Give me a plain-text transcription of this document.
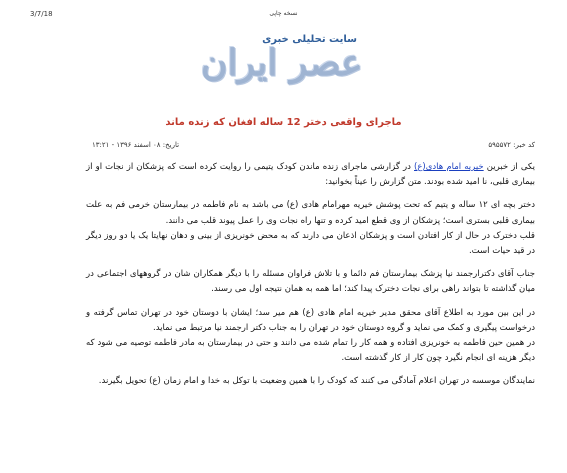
3/7/18	نسخه چاپی
سایت تحلیلی خبری
عصر ایران
ماجرای واقعی دختر 12 ساله افغان که زنده ماند
تاریخ: ۰۸ اسفند ۱۳۹۶ - ۱۳:۲۱	کد خبر: ۵۹۵۵۷۲

یکی از خبرین خیریه امام هادی(ع) در گزارشی ماجرای زنده ماندن کودک یتیمی را روایت کرده است که پزشکان از نجات او از بیماری قلبی، نا امید شده بودند. متن گزارش را عیناً بخوانید:

دختر بچه ای ۱۲ ساله و یتیم که تحت پوشش خیریه مهرامام هادی (ع) می باشد به نام فاطمه در بیمارستان خرمی فم به علت بیماری قلبی بستری است؛ پزشکان از وی قطع امید کرده و تنها راه نجات وی را عمل پیوند قلب می دانند.

قلب دخترک در حال از کار افتادن است و پزشکان اذعان می دارند که به محض خونریزی از بینی و دهان نهایتا یک یا دو روز دیگر در قید حیات است.

جناب آقای دکترارجمند نیا پزشک بیمارستان فم دائما و با تلاش فراوان مسئله را با دیگر همکاران شان در گروههای اجتماعی در میان گذاشته تا بتواند راهی برای نجات دخترک پیدا کند؛ اما همه به همان نتیجه اول می رسند.

در این بین مورد به اطلاع آقای محقق مدیر خیریه امام هادی (ع) هم میر سد؛ ایشان با دوستان خود در تهران تماس گرفته و درخواست پیگیری و کمک می نماید و گروه دوستان خود در تهران را به جناب دکتر ارجمند نیا مرتبط می نماید.

در همین حین فاطمه به خونریزی افتاده و همه کار را تمام شده می دانند و حتی در بیمارستان به مادر فاطمه توصیه می شود که دیگر هزینه ای انجام نگیرد چون کار از کار گذشته است.

نمایندگان موسسه در تهران اعلام آمادگی می کنند که کودک را با همین وضعیت با توکل به خدا و امام زمان (ع) تحویل بگیرند.
